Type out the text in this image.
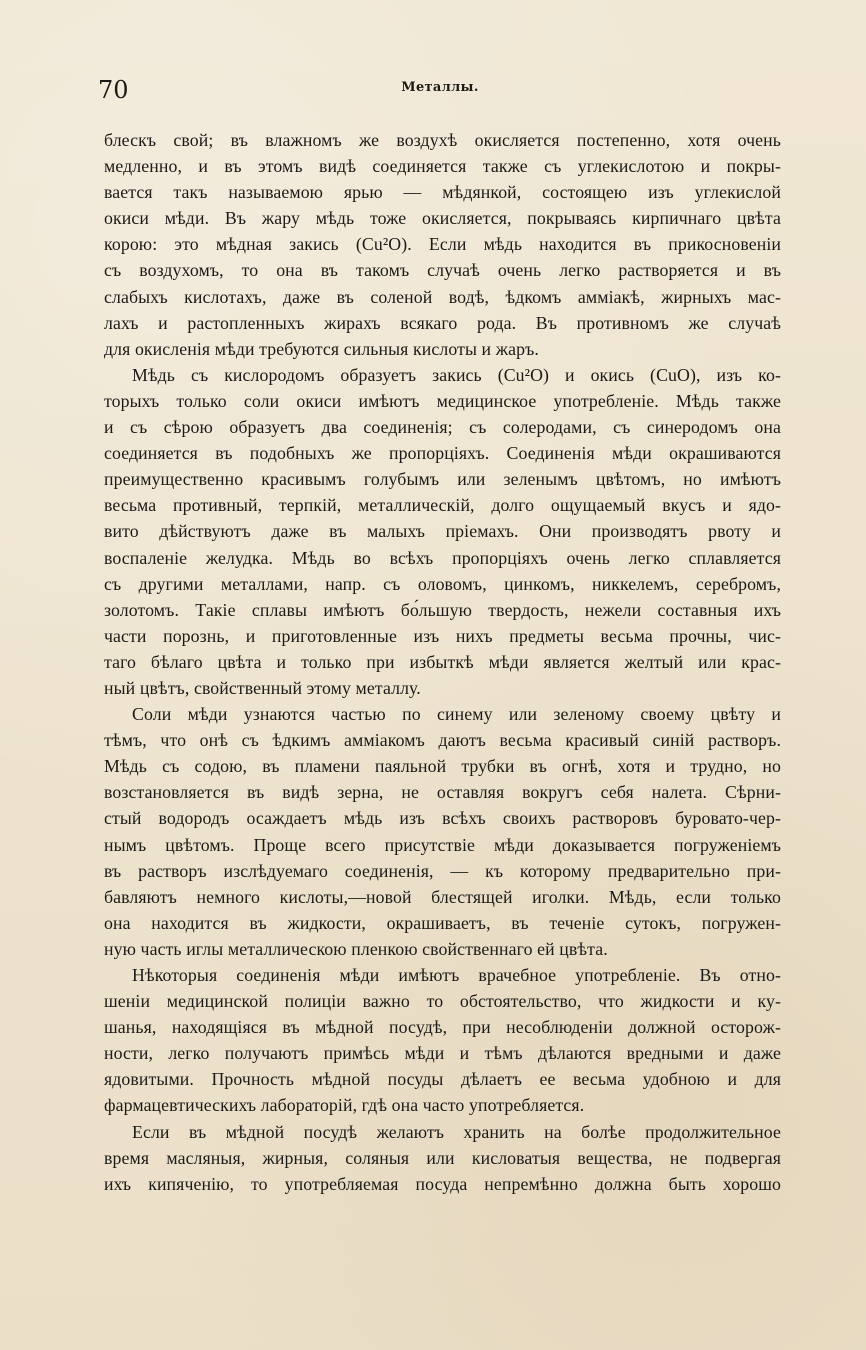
70	Металлы.
блескъ свой; въ влажномъ же воздухѣ окисляется постепенно, хотя очень
медленно, и въ этомъ видѣ соединяется также съ углекислотою и покры-
вается такъ называемою ярью — мѣдянкой, состоящею изъ углекислой
окиси мѣди. Въ жару мѣдь тоже окисляется, покрываясь кирпичнаго цвѣта
корою: это мѣдная закись (Cu²O). Если мѣдь находится въ прикосновеніи
съ воздухомъ, то она въ такомъ случаѣ очень легко растворяется и въ
слабыхъ кислотахъ, даже въ соленой водѣ, ѣдкомъ амміакѣ, жирныхъ мас-
лахъ и растопленныхъ жирахъ всякаго рода. Въ противномъ же случаѣ
для окисленія мѣди требуются сильныя кислоты и жаръ.
Мѣдь съ кислородомъ образуетъ закись (Cu²O) и окись (CuO), изъ ко-
торыхъ только соли окиси имѣютъ медицинское употребленіе. Мѣдь также
и съ сѣрою образуетъ два соединенія; съ солеродами, съ синеродомъ она
соединяется въ подобныхъ же пропорціяхъ. Соединенія мѣди окрашиваются
преимущественно красивымъ голубымъ или зеленымъ цвѣтомъ, но имѣютъ
весьма противный, терпкій, металлическій, долго ощущаемый вкусъ и ядо-
вито дѣйствуютъ даже въ малыхъ пріемахъ. Они производятъ рвоту и
воспаленіе желудка. Мѣдь во всѣхъ пропорціяхъ очень легко сплавляется
съ другими металлами, напр. съ оловомъ, цинкомъ, никкелемъ, серебромъ,
золотомъ. Такіе сплавы имѣютъ бо́льшую твердость, нежели составныя ихъ
части порознь, и приготовленные изъ нихъ предметы весьма прочны, чис-
таго бѣлаго цвѣта и только при избыткѣ мѣди является желтый или крас-
ный цвѣтъ, свойственный этому металлу.
Соли мѣди узнаются частью по синему или зеленому своему цвѣту и
тѣмъ, что онѣ съ ѣдкимъ амміакомъ даютъ весьма красивый синій растворъ.
Мѣдь съ содою, въ пламени паяльной трубки въ огнѣ, хотя и трудно, но
возстановляется въ видѣ зерна, не оставляя вокругъ себя налета. Сѣрни-
стый водородъ осаждаетъ мѣдь изъ всѣхъ своихъ растворовъ буровато-чер-
нымъ цвѣтомъ. Проще всего присутствіе мѣди доказывается погруженіемъ
въ растворъ изслѣдуемаго соединенія, — къ которому предварительно при-
бавляютъ немного кислоты,—новой блестящей иголки. Мѣдь, если только
она находится въ жидкости, окрашиваетъ, въ теченіе сутокъ, погружен-
ную часть иглы металлическою пленкою свойственнаго ей цвѣта.
Нѣкоторыя соединенія мѣди имѣютъ врачебное употребленіе. Въ отно-
шеніи медицинской полиціи важно то обстоятельство, что жидкости и ку-
шанья, находящіяся въ мѣдной посудѣ, при несоблюденіи должной осторож-
ности, легко получаютъ примѣсь мѣди и тѣмъ дѣлаются вредными и даже
ядовитыми. Прочность мѣдной посуды дѣлаетъ ее весьма удобною и для
фармацевтическихъ лабораторій, гдѣ она часто употребляется.
Если въ мѣдной посудѣ желаютъ хранить на болѣе продолжительное
время масляныя, жирныя, соляныя или кисловатыя вещества, не подвергая
ихъ кипяченію, то употребляемая посуда непремѣнно должна быть хорошо
